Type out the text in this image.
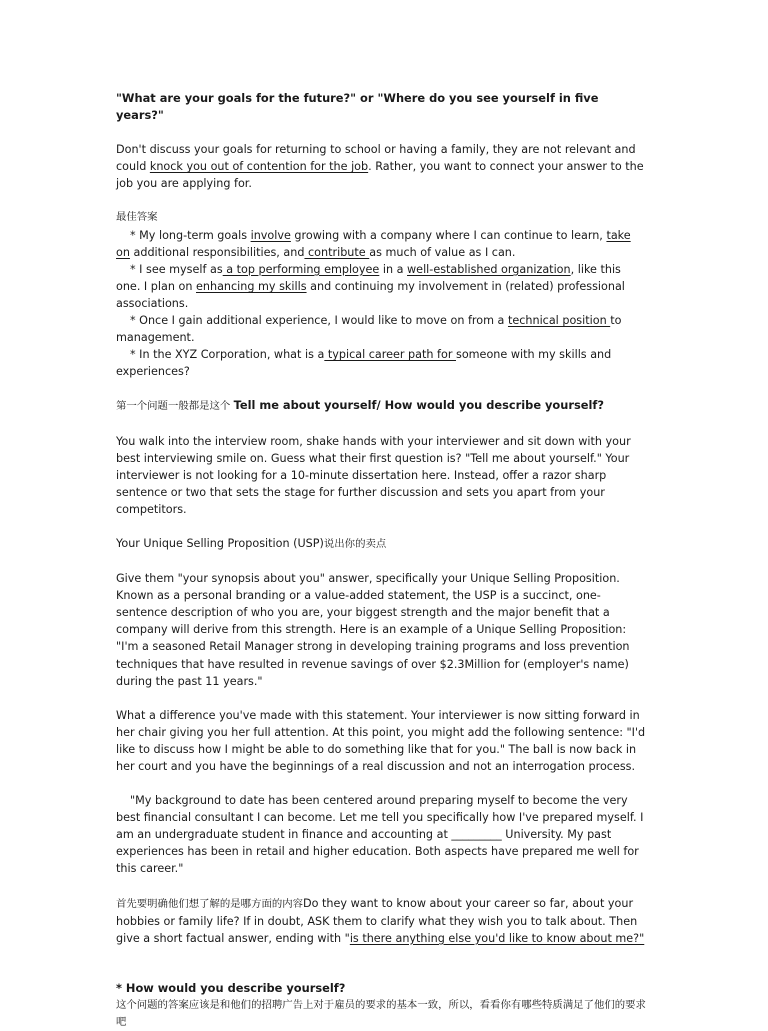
"What are your goals for the future?" or "Where do you see yourself in five years?"

Don't discuss your goals for returning to school or having a family, they are not relevant and could knock you out of contention for the job. Rather, you want to connect your answer to the job you are applying for.

最佳答案

* My long-term goals involve growing with a company where I can continue to learn, take on additional responsibilities, and contribute as much of value as I can.

* I see myself as a top performing employee in a well-established organization, like this one. I plan on enhancing my skills and continuing my involvement in (related) professional associations.

* Once I gain additional experience, I would like to move on from a technical position to management.

* In the XYZ Corporation, what is a typical career path for someone with my skills and experiences?

第一个问题一般都是这个 Tell me about yourself/ How would you describe yourself?

You walk into the interview room, shake hands with your interviewer and sit down with your best interviewing smile on. Guess what their first question is? "Tell me about yourself." Your interviewer is not looking for a 10-minute dissertation here. Instead, offer a razor sharp sentence or two that sets the stage for further discussion and sets you apart from your competitors.

Your Unique Selling Proposition (USP)说出你的卖点

Give them "your synopsis about you" answer, specifically your Unique Selling Proposition. Known as a personal branding or a value-added statement, the USP is a succinct, one-sentence description of who you are, your biggest strength and the major benefit that a company will derive from this strength. Here is an example of a Unique Selling Proposition: "I'm a seasoned Retail Manager strong in developing training programs and loss prevention techniques that have resulted in revenue savings of over $2.3Million for (employer's name) during the past 11 years."

What a difference you've made with this statement. Your interviewer is now sitting forward in her chair giving you her full attention. At this point, you might add the following sentence: "I'd like to discuss how I might be able to do something like that for you." The ball is now back in her court and you have the beginnings of a real discussion and not an interrogation process.

"My background to date has been centered around preparing myself to become the very best financial consultant I can become. Let me tell you specifically how I've prepared myself. I am an undergraduate student in finance and accounting at _________ University. My past experiences has been in retail and higher education. Both aspects have prepared me well for this career."

首先要明确他们想了解的是哪方面的内容Do they want to know about your career so far, about your hobbies or family life? If in doubt, ASK them to clarify what they wish you to talk about. Then give a short factual answer, ending with "is there anything else you'd like to know about me?"

* How would you describe yourself?

这个问题的答案应该是和他们的招聘广告上对于雇员的要求的基本一致，所以，看看你有哪些特质满足了他们的要求吧
